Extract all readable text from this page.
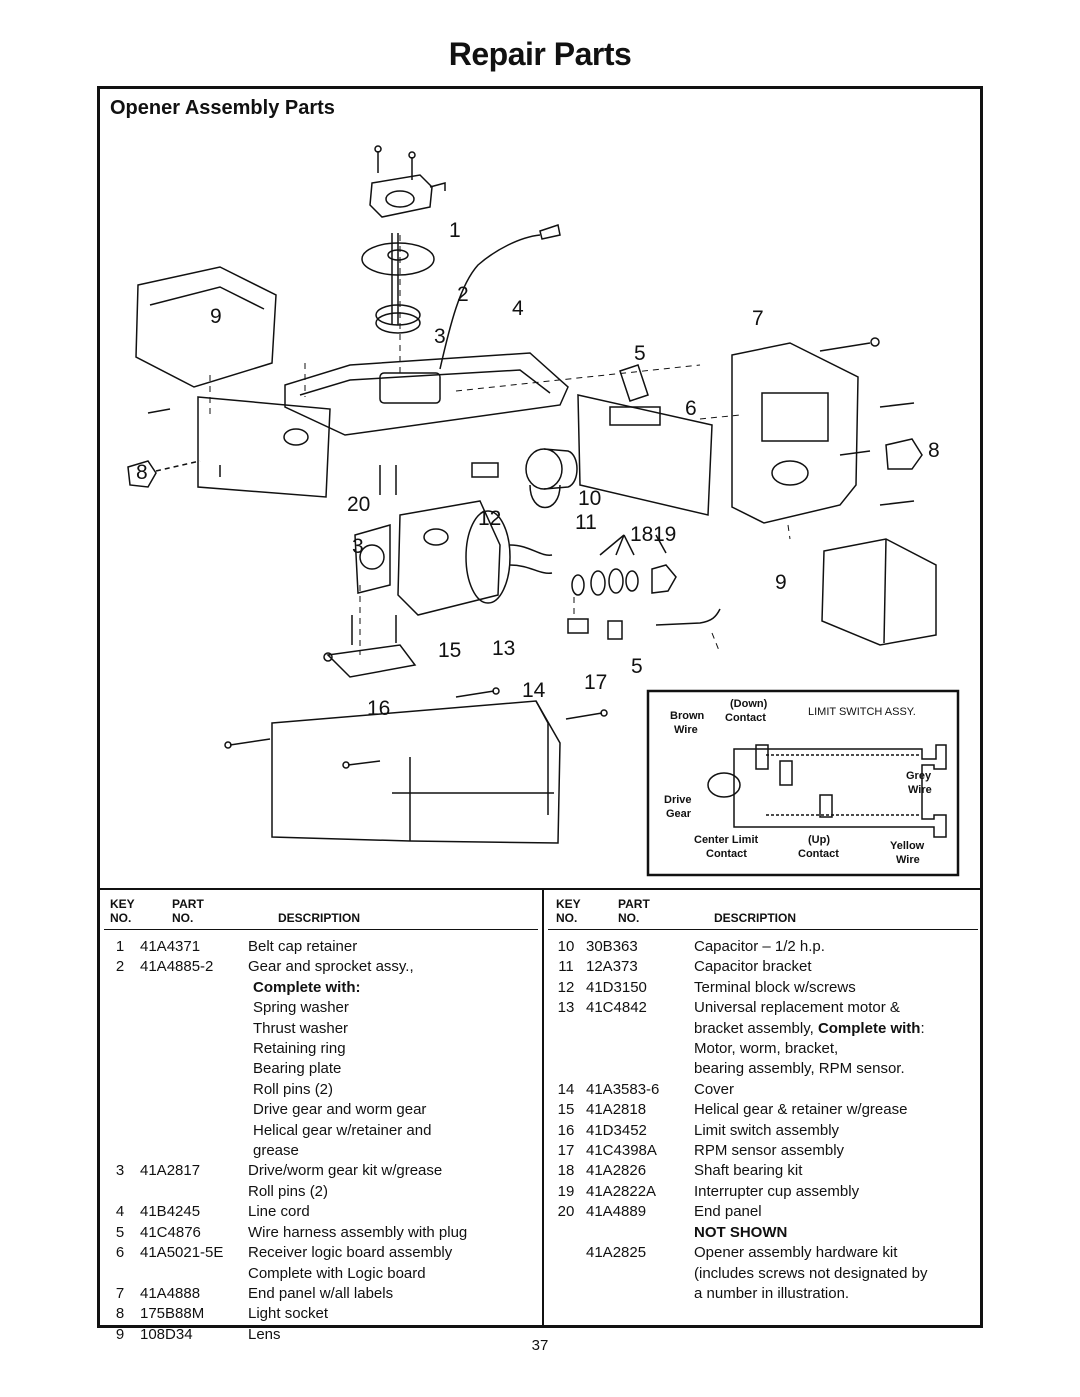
Repair Parts
Opener Assembly Parts
1
2
4
9	7
3
5
6
8
8
20	10
12	11
18 19
3
9
15 13
5
14 17
16	LIMIT SWITCH ASSY.
(Down)
Contact
Brown
Wire
Grey
Wire
Drive
Gear
Center Limit
Contact
(Up)
Contact
Yellow
Wire
KEY
NO.
PART
NO.	DESCRIPTION
KEY
NO.
PART
NO.	DESCRIPTION
1	41A4371	Belt cap retainer
2	41A4885-2	Gear and sprocket assy.,
Complete with:
Spring washer
Thrust washer
Retaining ring
Bearing plate
Roll pins (2)
Drive gear and worm gear
Helical gear w/retainer and
grease
3	41A2817	Drive/worm gear kit w/grease
Roll pins (2)
4	41B4245	Line cord
5	41C4876	Wire harness assembly with plug
6	41A5021-5E	Receiver logic board assembly
Complete with Logic board
7	41A4888	End panel w/all labels
8	175B88M	Light socket
9	108D34	Lens
10 30B363	Capacitor – 1/2 h.p.
11 12A373	Capacitor bracket
12 41D3150	Terminal block w/screws
13 41C4842	Universal replacement motor &
bracket assembly, Complete with:
Motor, worm, bracket,
bearing assembly, RPM sensor.
14 41A3583-6	Cover
15 41A2818	Helical gear & retainer w/grease
16 41D3452	Limit switch assembly
17 41C4398A	RPM sensor assembly
18 41A2826	Shaft bearing kit
19 41A2822A	Interrupter cup assembly
20 41A4889	End panel
NOT SHOWN
41A2825	Opener assembly hardware kit
(includes screws not designated by
a number in illustration.
37
